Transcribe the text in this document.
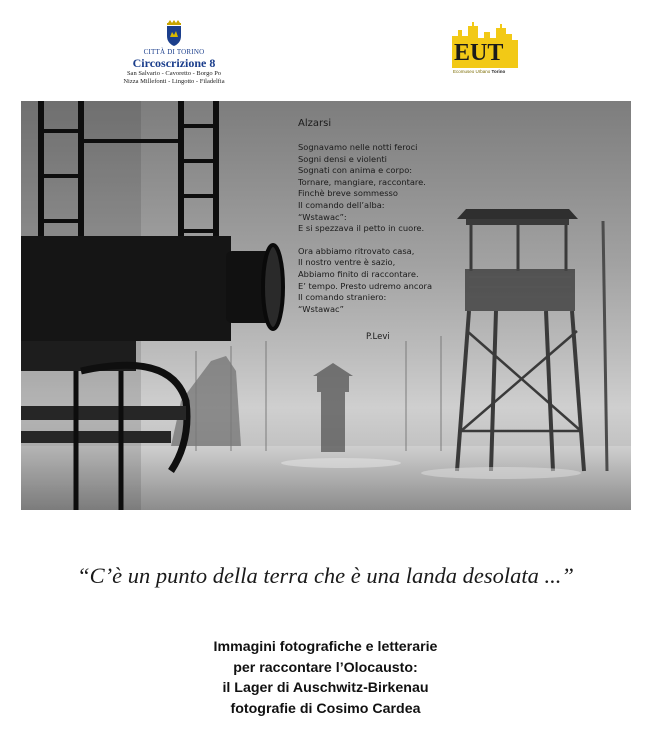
CITTÀ DI TORINO
Circoscrizione 8
San Salvario - Cavoretto - Borgo Po
Nizza Millefonti - Lingotto - Filadelfia
EUT
Ecomuseo Urbano Torino
Alzarsi
Sognavamo nelle notti feroci
Sogni densi e violenti
Sognati con anima e corpo:
Tornare, mangiare, raccontare.
Finchè breve sommesso
Il comando dell’alba:
“Wstawac”:
E si spezzava il petto in cuore.
Ora abbiamo ritrovato casa,
Il nostro ventre è sazio,
Abbiamo finito di raccontare.
E’ tempo. Presto udremo ancora
Il comando straniero:
“Wstawac”
P.Levi
“C’è un punto della terra che è una landa desolata ...”
Immagini fotografiche e letterarie
per raccontare l’Olocausto:
il Lager di Auschwitz-Birkenau
fotografie di Cosimo Cardea
